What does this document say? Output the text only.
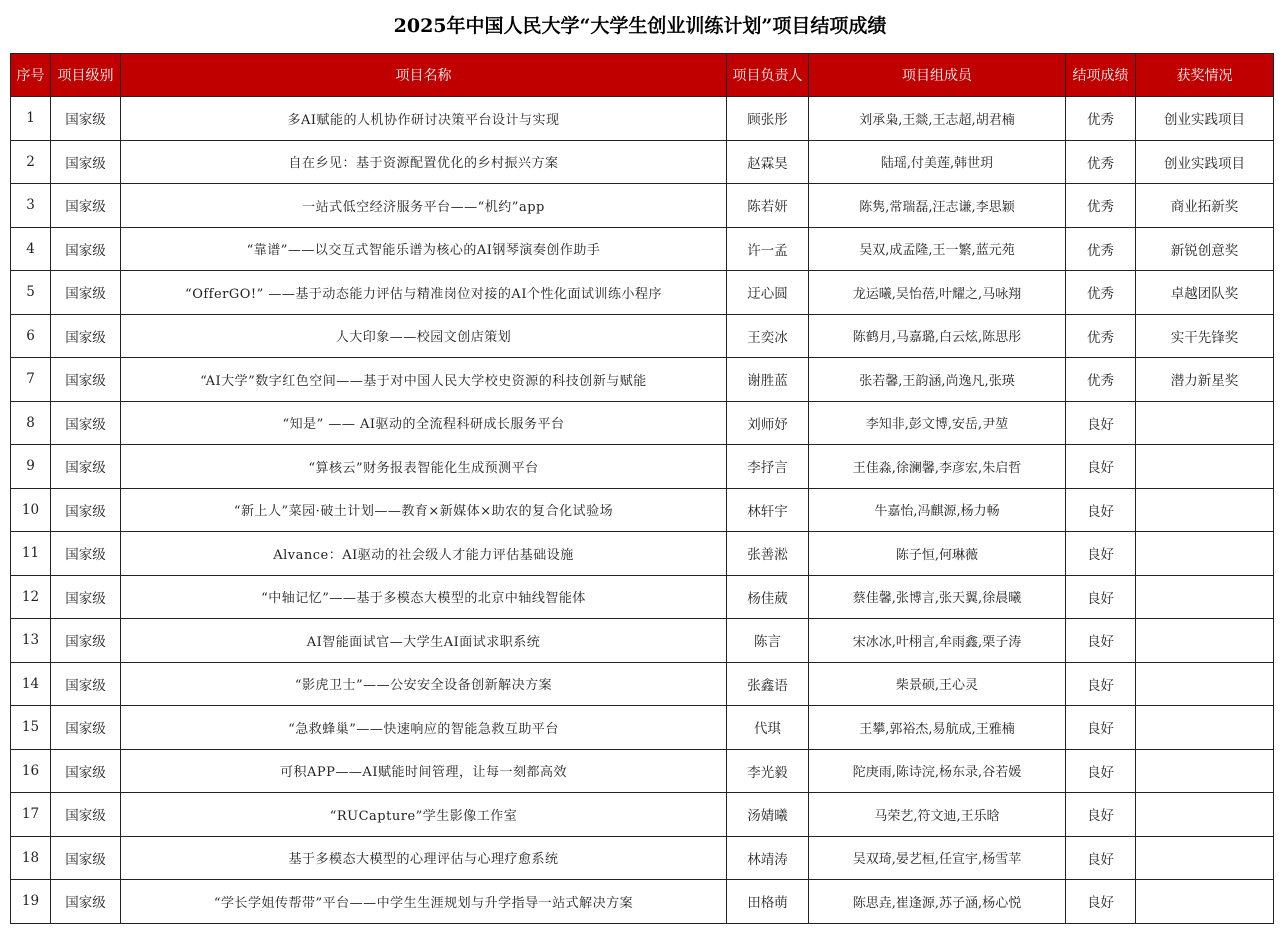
2025年中国人民大学“大学生创业训练计划”项目结项成绩
序号	项目级别	项目名称	项目负责人	项目组成员	结项成绩	获奖情况
1	国家级	多AI赋能的人机协作研讨决策平台设计与实现	顾张彤	刘承枭,王燚,王志超,胡君楠	优秀	创业实践项目
2	国家级	自在乡见：基于资源配置优化的乡村振兴方案	赵霖昊	陆瑶,付美莲,韩世玥	优秀	创业实践项目
3	国家级	一站式低空经济服务平台——“机约”app	陈若妍	陈隽,常瑞磊,汪志谦,李思颖	优秀	商业拓新奖
4	国家级	“靠谱”——以交互式智能乐谱为核心的AI钢琴演奏创作助手	许一孟	吴双,成孟隆,王一繁,蓝元苑	优秀	新锐创意奖
5	国家级	“OfferGO!” ——基于动态能力评估与精准岗位对接的AI个性化面试训练小程序	迂心圆	龙运曦,吴怡蓓,叶耀之,马咏翔	优秀	卓越团队奖
6	国家级	人大印象——校园文创店策划	王奕冰	陈鹤月,马嘉璐,白云炫,陈思彤	优秀	实干先锋奖
7	国家级	“AI大学”数字红色空间——基于对中国人民大学校史资源的科技创新与赋能	谢胜蓝	张若馨,王韵涵,尚逸凡,张瑛	优秀	潜力新星奖
8	国家级	“知是” —— AI驱动的全流程科研成长服务平台	刘师妤	李知非,彭文博,安岳,尹堃	良好	
9	国家级	“算核云”财务报表智能化生成预测平台	李抒言	王佳淼,徐澜馨,李彦宏,朱启哲	良好	
10	国家级	“新上人”菜园·破土计划——教育×新媒体×助农的复合化试验场	林轩宇	牛嘉怡,冯麒源,杨力畅	良好	
11	国家级	Alvance：AI驱动的社会级人才能力评估基础设施	张善淞	陈子恒,何琳薇	良好	
12	国家级	“中轴记忆”——基于多模态大模型的北京中轴线智能体	杨佳葳	蔡佳馨,张博言,张天翼,徐晨曦	良好	
13	国家级	AI智能面试官—大学生AI面试求职系统	陈言	宋冰冰,叶栩言,牟雨鑫,栗子涛	良好	
14	国家级	“影虎卫士”——公安安全设备创新解决方案	张鑫语	柴景硕,王心灵	良好	
15	国家级	“急救蜂巢”——快速响应的智能急救互助平台	代琪	王攀,郭裕杰,易航成,王雅楠	良好	
16	国家级	可积APP——AI赋能时间管理，让每一刻都高效	李光毅	陀庚雨,陈诗浣,杨东录,谷若媛	良好	
17	国家级	“RUCapture”学生影像工作室	汤婧曦	马荣艺,符文迪,王乐晗	良好	
18	国家级	基于多模态大模型的心理评估与心理疗愈系统	林靖涛	吴双琦,晏艺桓,任宣宇,杨雪苹	良好	
19	国家级	“学长学姐传帮带”平台——中学生生涯规划与升学指导一站式解决方案	田格萌	陈思垚,崔逢源,苏子涵,杨心悦	良好	
